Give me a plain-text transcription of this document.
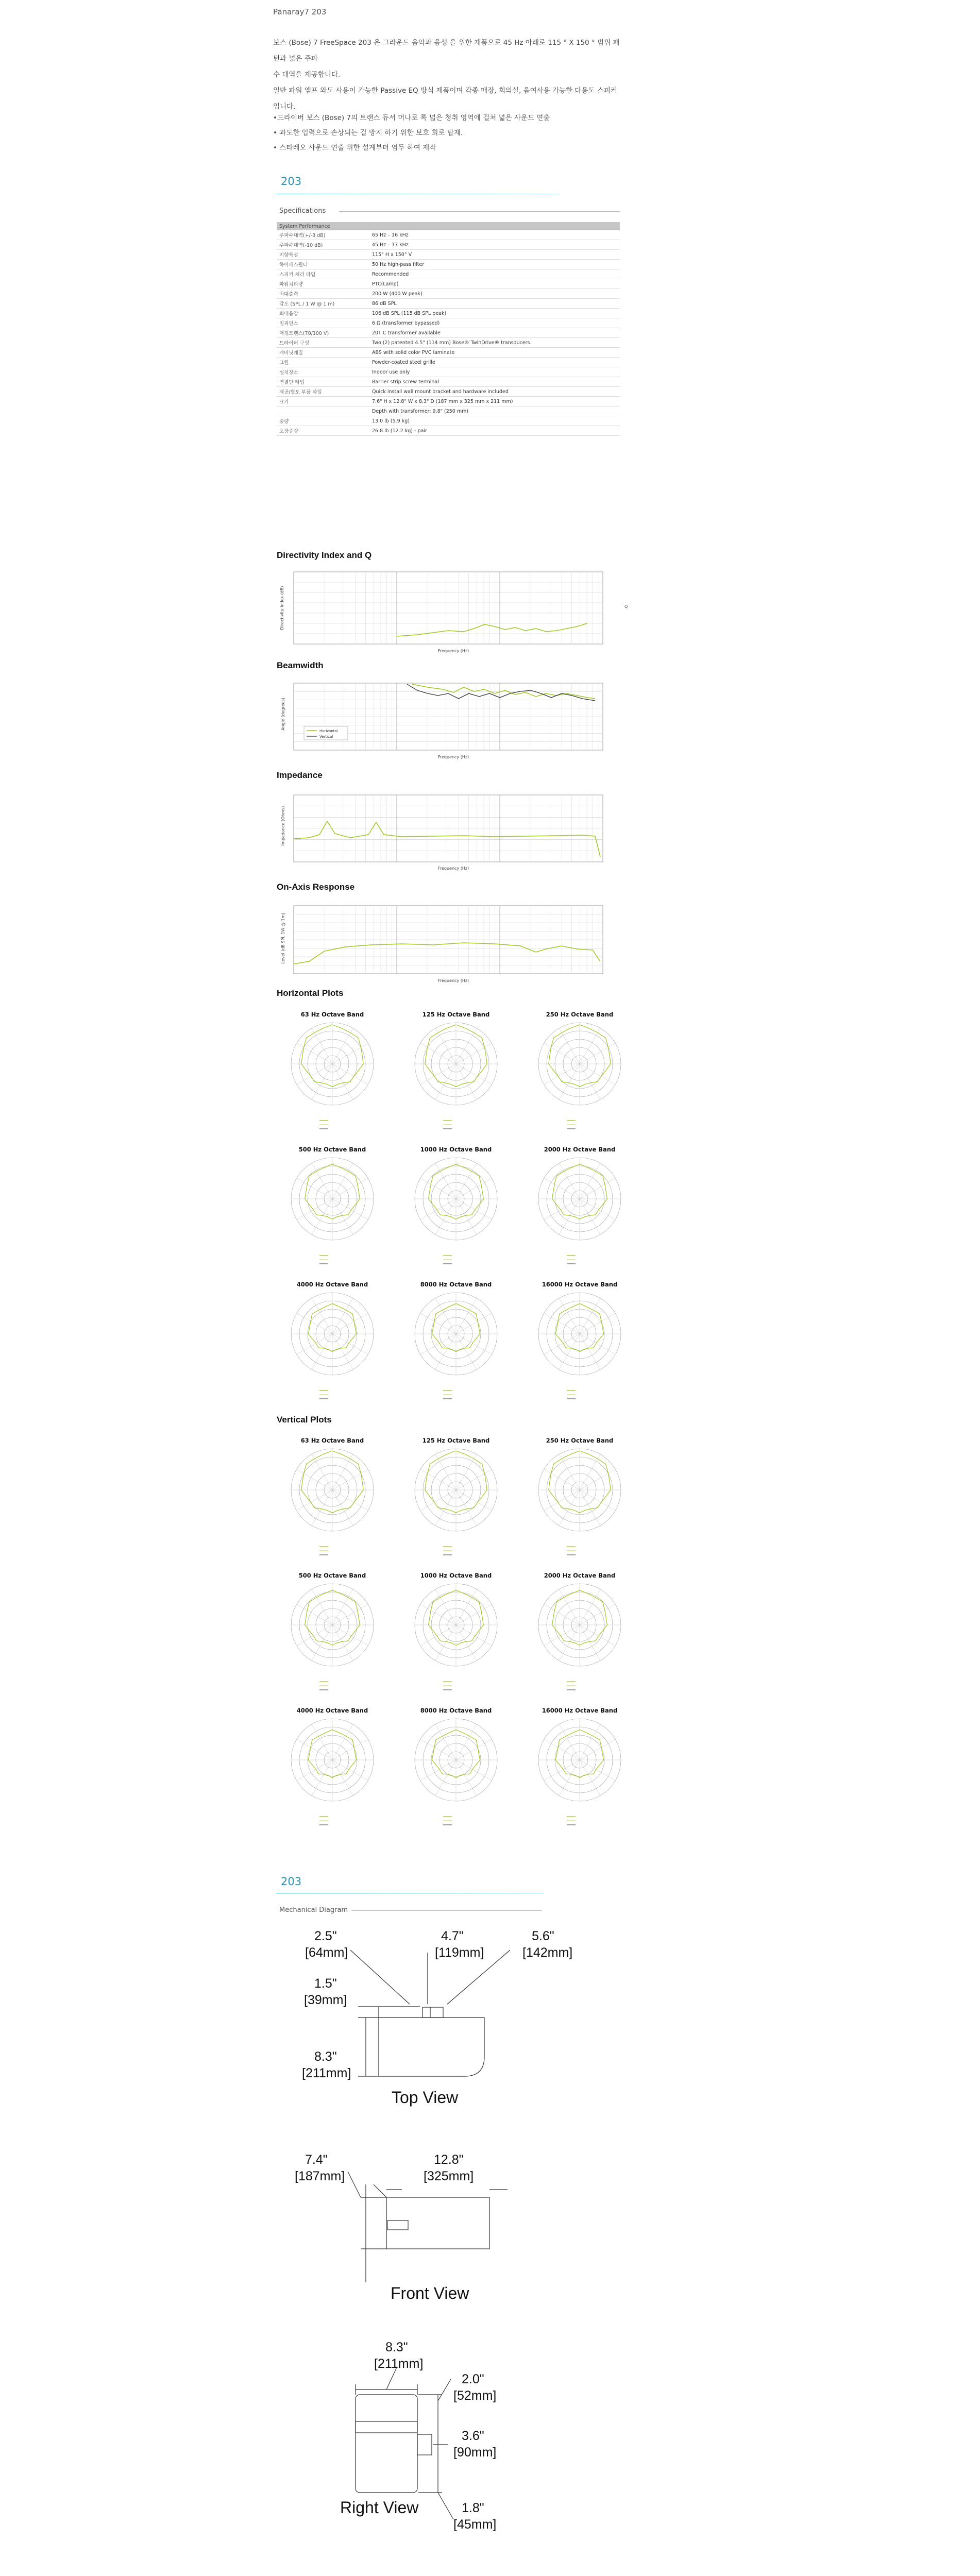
Panaray7 203
보스 (Bose) 7 FreeSpace 203 은 그라운드 음악과 음성 을 위한 제품으로 45 Hz 아래로 115 ° X 150 ° 범위 패턴과 넓은 주파
수 대역을 제공합니다.
일반 파워 앰프 와도 사용이 가능한 Passive EQ 방식 제품이며 각종 매장, 회의실, 음여사용 가능한 다용도 스피커 입니다.
•드라이버 보스 (Bose) 7의 트랜스 듀서 머나로 록 넓은 청취 영역에 걸쳐 넓은 사운드 연출
• 과도한 입력으로 손상되는 걸 방지 하기 위한 보호 회로 탑재.
• 스타레오 사운드 연출 위한 설계부터 염두 하여 제작
203
Specifications
System Performance	
주파수대역(+/-3 dB)	65 Hz – 16 kHz
주파수대역(-10 dB)	45 Hz – 17 kHz
지향특성	115° H x 150° V
하이패스필터	50 Hz high-pass filter
스피커 처리 타입	Recommended
파워처리량	PTC(Lamp)
최대출력	200 W (400 W peak)
감도 (SPL / 1 W @ 1 m)	86 dB SPL
최대음압	106 dB SPL (115 dB SPL peak)
임피던스	6 Ω (transformer bypassed)
매칭트랜스(70/100 V)	20T C transformer available
드라이버 구성	Two (2) patented 4.5" (114 mm) Bose® TwinDrive® transducers
캐비닛재질	ABS with solid color PVC laminate
그릴	Powder-coated steel grille
설치장소	Indoor use only
연결단 타입	Barrier strip screw terminal
제공/별도 부품 타입	Quick install wall mount bracket and hardware included
크기	7.6" H x 12.8" W x 8.3" D (187 mm x 325 mm x 211 mm)
	Depth with transformer: 9.8" (250 mm)
중량	13.0 lb (5.9 kg)
포장중량	26.8 lb (12.2 kg) - pair
Directivity Index and Q
Frequency (Hz)
Directivity Index (dB)	Q
Beamwidth
Horizontal
Vertical
Frequency (Hz)
Angle (degrees)
Impedance
Frequency (Hz)
Impedance (Ohms)
On-Axis Response
Frequency (Hz)
Level (dB SPL 1W @ 1m)
Horizontal Plots
63 Hz Octave Band	125 Hz Octave Band	250 Hz Octave Band
500 Hz Octave Band	1000 Hz Octave Band	2000 Hz Octave Band
4000 Hz Octave Band	8000 Hz Octave Band	16000 Hz Octave Band
Vertical Plots
63 Hz Octave Band	125 Hz Octave Band	250 Hz Octave Band
500 Hz Octave Band	1000 Hz Octave Band	2000 Hz Octave Band
4000 Hz Octave Band	8000 Hz Octave Band	16000 Hz Octave Band
203
Mechanical Diagram
2.5"
[64mm]
4.7"
[119mm]
5.6"
[142mm]
1.5"
[39mm]
8.3"
[211mm]
Top View
7.4"
[187mm]
12.8"
[325mm]
Front View
8.3"
[211mm]
2.0"
[52mm]
3.6"
[90mm]
1.8"
[45mm]
Right View
